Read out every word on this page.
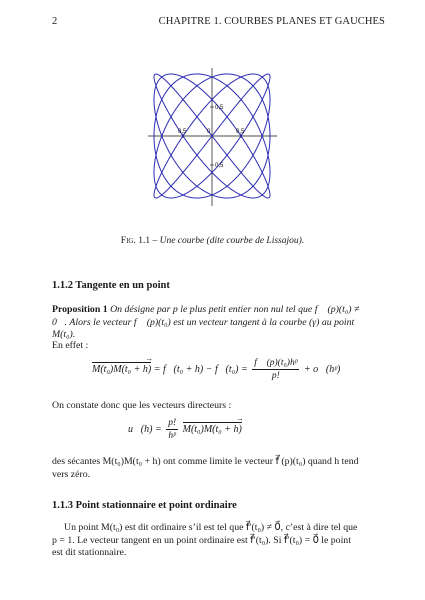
2	CHAPITRE 1. COURBES PLANES ET GAUCHES
0,5	0	0,5
0,5
0,5
Fig. 1.1 – Une courbe (dite courbe de Lissajou).
1.1.2 Tangente en un point
Proposition 1 On désigne par p le plus petit entier non nul tel que f⃗ (p)(t₀) ≠ 0⃗. Alors le vecteur f⃗ (p)(t₀) est un vecteur tangent à la courbe (γ) au point M(t₀).
En effet :
M(t₀)M(t₀ + h) → = f⃗(t₀ + h) − f⃗(t₀) = $\frac{\text{f⃗ (p)(t₀)hᵖ}}{p!}$ + o⃗(hᵖ)
On constate donc que les vecteurs directeurs :
u⃗(h) = $\frac{p!}{\text{hᵖ}} M(t_0)M(t_0 + h)$ →
des sécantes M(t₀)M(t₀ + h) ont comme limite le vecteur f⃗ (p)(t₀) quand h tend
vers zéro.
1.1.3 Point stationnaire et point ordinaire
Un point M(t₀) est dit ordinaire s’il est tel que f⃗′(t₀) ≠ 0⃗, c’est à dire tel que
p = 1. Le vecteur tangent en un point ordinaire est f⃗′(t₀). Si f⃗′(t₀) = 0⃗ le point
est dit stationnaire.
